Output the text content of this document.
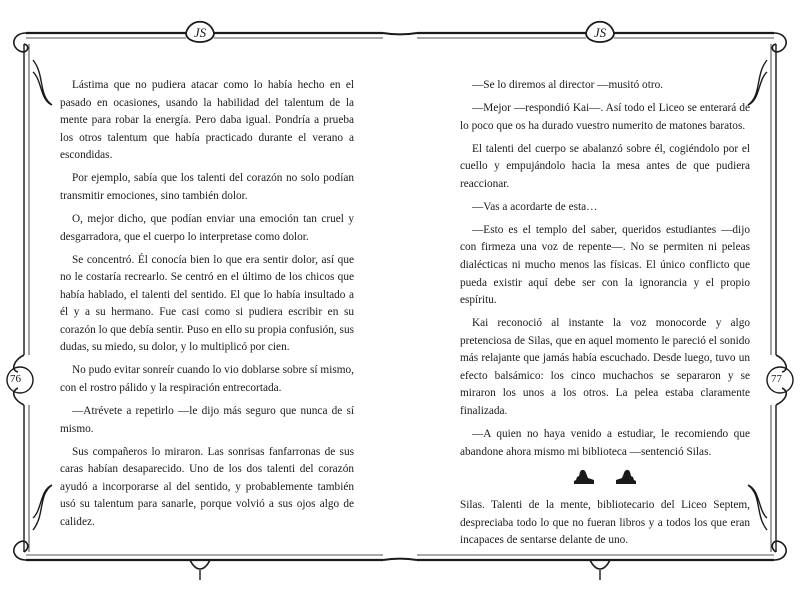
JS	JS
76	77

Lástima que no pudiera atacar como lo había hecho en el pasado en ocasiones, usando la habilidad del talentum de la mente para robar la energía. Pero daba igual. Pondría a prueba los otros talentum que había practicado durante el verano a escondidas.

Por ejemplo, sabía que los talenti del corazón no solo podían transmitir emociones, sino también dolor.

O, mejor dicho, que podían enviar una emoción tan cruel y desgarradora, que el cuerpo lo interpretase como dolor.

Se concentró. Él conocía bien lo que era sentir dolor, así que no le costaría recrearlo. Se centró en el último de los chicos que había hablado, el talenti del sentido. El que lo había insultado a él y a su hermano. Fue casi como si pudiera escribir en su corazón lo que debía sentir. Puso en ello su propia confusión, sus dudas, su miedo, su dolor, y lo multiplicó por cien.

No pudo evitar sonreír cuando lo vio doblarse sobre sí mismo, con el rostro pálido y la respiración entrecortada.

—Atrévete a repetirlo —le dijo más seguro que nunca de sí mismo.

Sus compañeros lo miraron. Las sonrisas fanfarronas de sus caras habían desaparecido. Uno de los dos talenti del corazón ayudó a incorporarse al del sentido, y probablemente también usó su talentum para sanarle, porque volvió a sus ojos algo de calidez.

—Se lo diremos al director —musitó otro.

—Mejor —respondió Kai—. Así todo el Liceo se enterará de lo poco que os ha durado vuestro numerito de matones baratos.

El talenti del cuerpo se abalanzó sobre él, cogiéndolo por el cuello y empujándolo hacia la mesa antes de que pudiera reaccionar.

—Vas a acordarte de esta…

—Esto es el templo del saber, queridos estudiantes —dijo con firmeza una voz de repente—. No se permiten ni peleas dialécticas ni mucho menos las físicas. El único conflicto que pueda existir aquí debe ser con la ignorancia y el propio espíritu.

Kai reconoció al instante la voz monocorde y algo pretenciosa de Silas, que en aquel momento le pareció el sonido más relajante que jamás había escuchado. Desde luego, tuvo un efecto balsámico: los cinco muchachos se separaron y se miraron los unos a los otros. La pelea estaba claramente finalizada.

—A quien no haya venido a estudiar, le recomiendo que abandone ahora mismo mi biblioteca —sentenció Silas.

Silas. Talenti de la mente, bibliotecario del Liceo Septem, despreciaba todo lo que no fueran libros y a todos los que eran incapaces de sentarse delante de uno.
